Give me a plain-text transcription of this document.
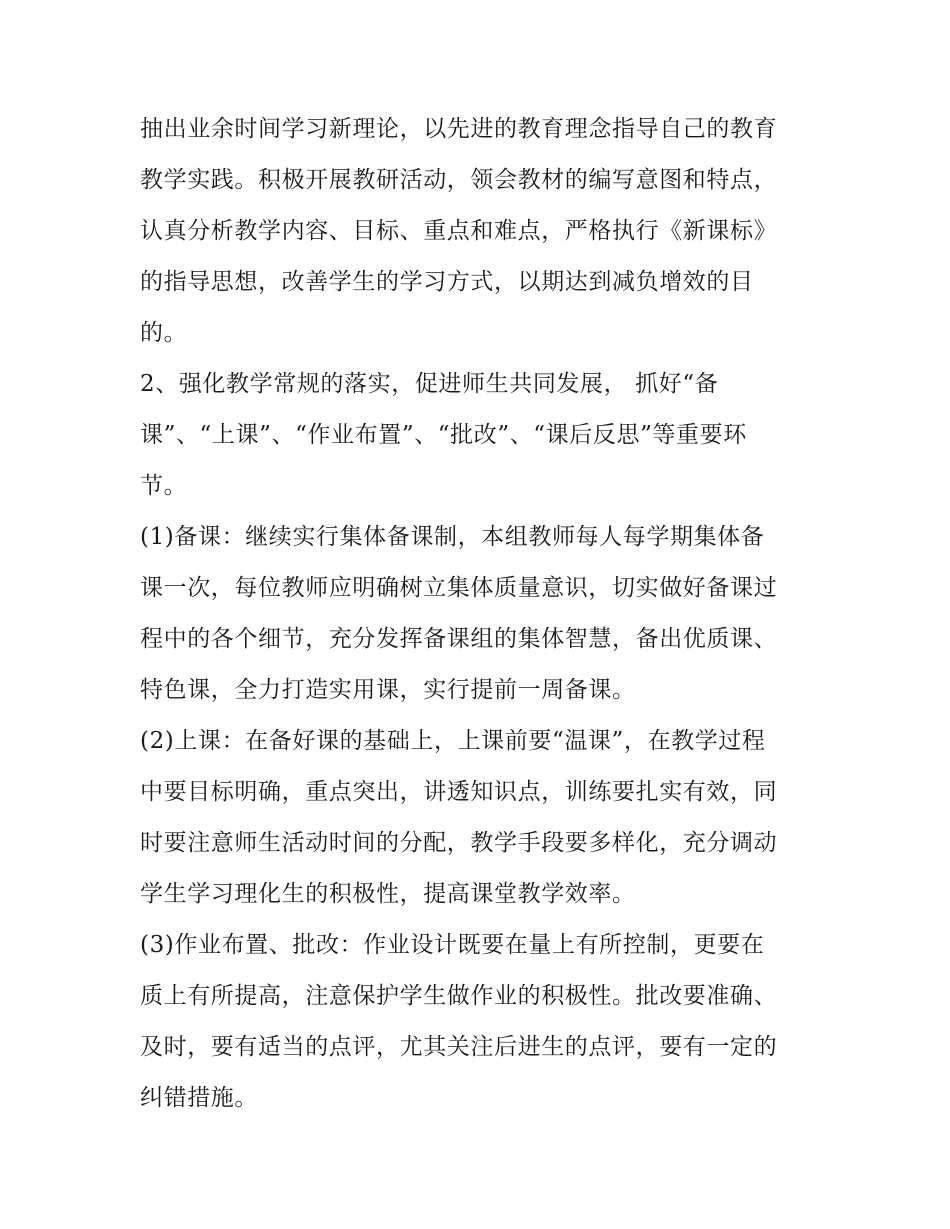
抽出业余时间学习新理论，以先进的教育理念指导自己的教育
教学实践。积极开展教研活动，领会教材的编写意图和特点，
认真分析教学内容、目标、重点和难点，严格执行《新课标》
的指导思想，改善学生的学习方式，以期达到减负增效的目
的。
2、强化教学常规的落实，促进师生共同发展， 抓好“备
课”、“上课”、“作业布置”、“批改”、“课后反思”等重要环
节。
(1)备课：继续实行集体备课制，本组教师每人每学期集体备
课一次，每位教师应明确树立集体质量意识，切实做好备课过
程中的各个细节，充分发挥备课组的集体智慧，备出优质课、
特色课，全力打造实用课，实行提前一周备课。
(2)上课：在备好课的基础上，上课前要“温课”，在教学过程
中要目标明确，重点突出，讲透知识点，训练要扎实有效，同
时要注意师生活动时间的分配，教学手段要多样化，充分调动
学生学习理化生的积极性，提高课堂教学效率。
(3)作业布置、批改：作业设计既要在量上有所控制，更要在
质上有所提高，注意保护学生做作业的积极性。批改要准确、
及时，要有适当的点评，尤其关注后进生的点评，要有一定的
纠错措施。
